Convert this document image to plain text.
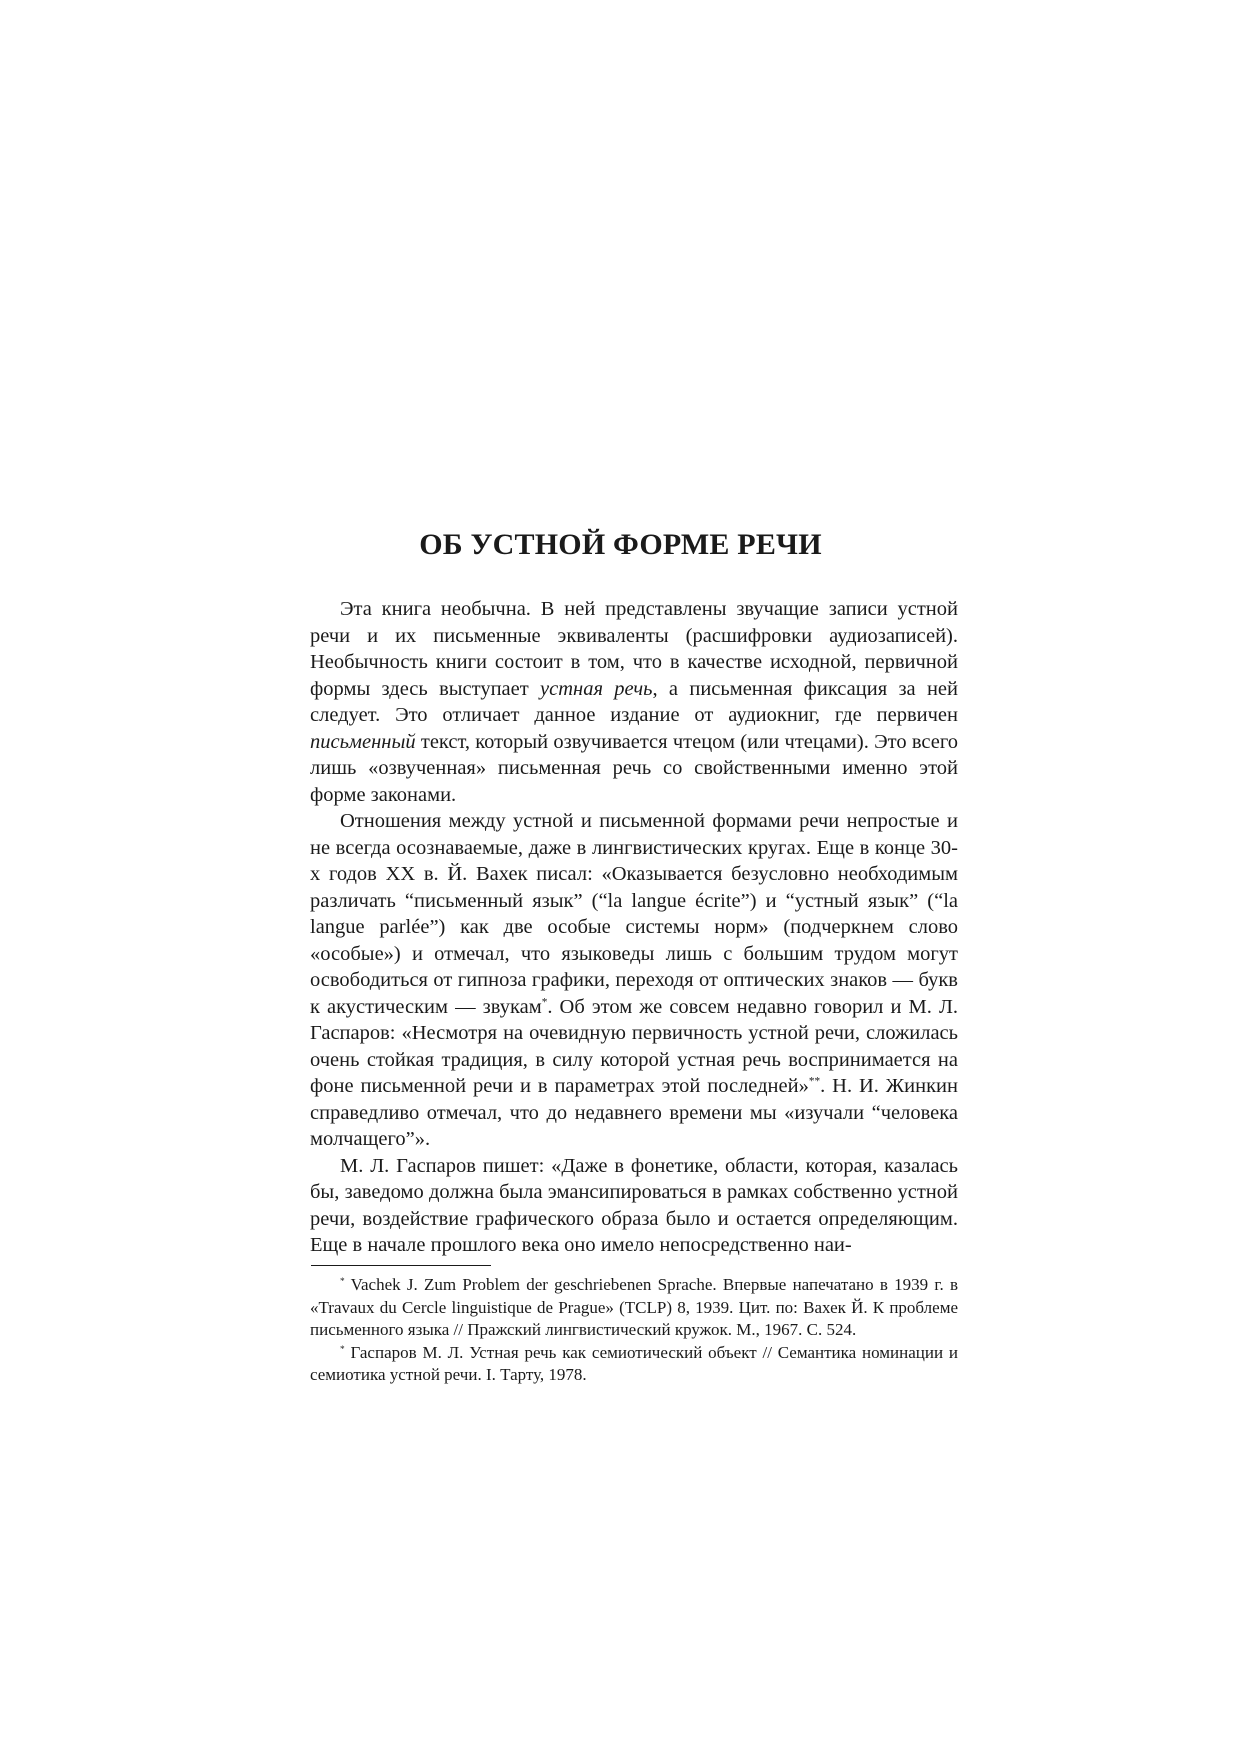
ОБ УСТНОЙ ФОРМЕ РЕЧИ

Эта книга необычна. В ней представлены звучащие записи устной речи и их письменные эквиваленты (расшифровки аудиозаписей). Необычность книги состоит в том, что в качестве исходной, первичной формы здесь выступает устная речь, а письменная фиксация за ней следует. Это отличает данное издание от аудиокниг, где первичен письменный текст, который озвучивается чтецом (или чтецами). Это всего лишь «озвученная» письменная речь со свойственными именно этой форме законами.

Отношения между устной и письменной формами речи непростые и не всегда осознаваемые, даже в лингвистических кругах. Еще в конце 30-х годов XX в. Й. Вахек писал: «Оказывается безусловно необходимым различать “письменный язык” (“la langue écrite”) и “устный язык” (“la langue parlée”) как две особые системы норм» (подчеркнем слово «особые») и отмечал, что языковеды лишь с большим трудом могут освободиться от гипноза графики, переходя от оптических знаков — букв к акустическим — звукам*. Об этом же совсем недавно говорил и М. Л. Гаспаров: «Несмотря на очевидную первичность устной речи, сложилась очень стойкая традиция, в силу которой устная речь воспринимается на фоне письменной речи и в параметрах этой последней»**. Н. И. Жинкин справедливо отмечал, что до недавнего времени мы «изучали “человека молчащего”».

М. Л. Гаспаров пишет: «Даже в фонетике, области, которая, казалась бы, заведомо должна была эмансипироваться в рамках собственно устной речи, воздействие графического образа было и остается определяющим. Еще в начале прошлого века оно имело непосредственно наи-

* Vachek J. Zum Problem der geschriebenen Sprache. Впервые напечатано в 1939 г. в «Travaux du Cercle linguistique de Prague» (TCLP) 8, 1939. Цит. по: Вахек Й. К проблеме письменного языка // Пражский лингвистический кружок. М., 1967. С. 524.

* Гаспаров М. Л. Устная речь как семиотический объект // Семантика номинации и семиотика устной речи. I. Тарту, 1978.
